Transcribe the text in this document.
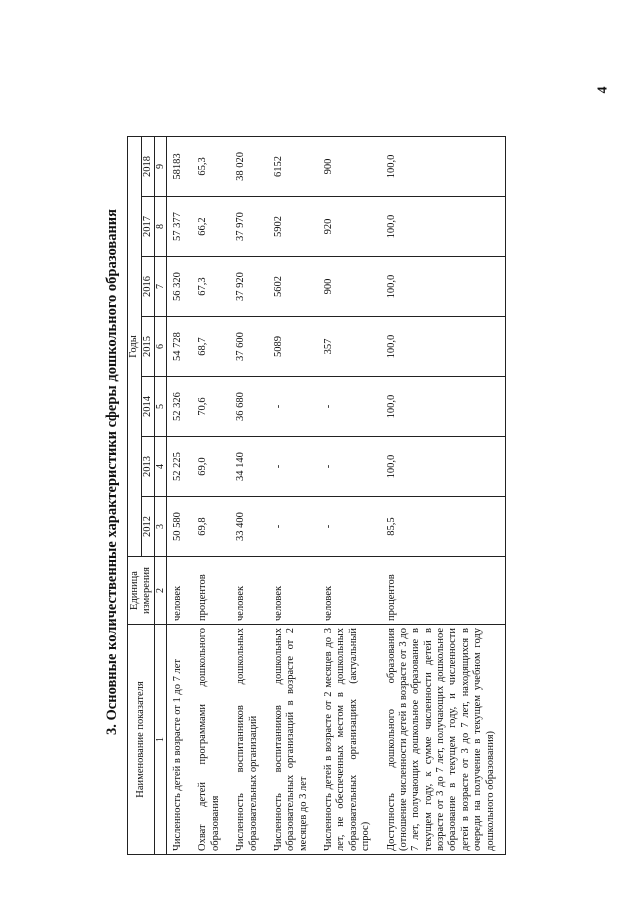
4
3. Основные количественные характеристики сферы дошкольного образования
Наименование показателя	Единица измерения	Годы						
		2012	2013	2014	2015	2016	2017	2018
1	2	3	4	5	6	7	8	9
Численность детей в возрасте от 1 до 7 лет	человек	50 580	52 225	52 326	54 728	56 320	57 377	58183
Охват детей программами дошкольного образования	процентов	69,8	69,0	70,6	68,7	67,3	66,2	65,3
Численность воспитанников дошкольных образовательных организаций	человек	33 400	34 140	36 680	37 600	37 920	37 970	38 020
Численность воспитанников дошкольных образовательных организаций в возрасте от 2 месяцев до 3 лет	человек	-	-	-	5089	5602	5902	6152
Численность детей в возрасте от 2 месяцев до 3 лет, не обеспеченных местом в дошкольных образовательных организациях (актуальный спрос)	человек	-	-	-	357	900	920	900
Доступность дошкольного образования (отношение численности детей в возрасте от 3 до 7 лет, получающих дошкольное образование в текущем году, к сумме численности детей в возрасте от 3 до 7 лет, получающих дошкольное образование в текущем году, и численности детей в возрасте от 3 до 7 лет, находящихся в очереди на получение в текущем учебном году дошкольного образования)	процентов	85,5	100,0	100,0	100,0	100,0	100,0	100,0
